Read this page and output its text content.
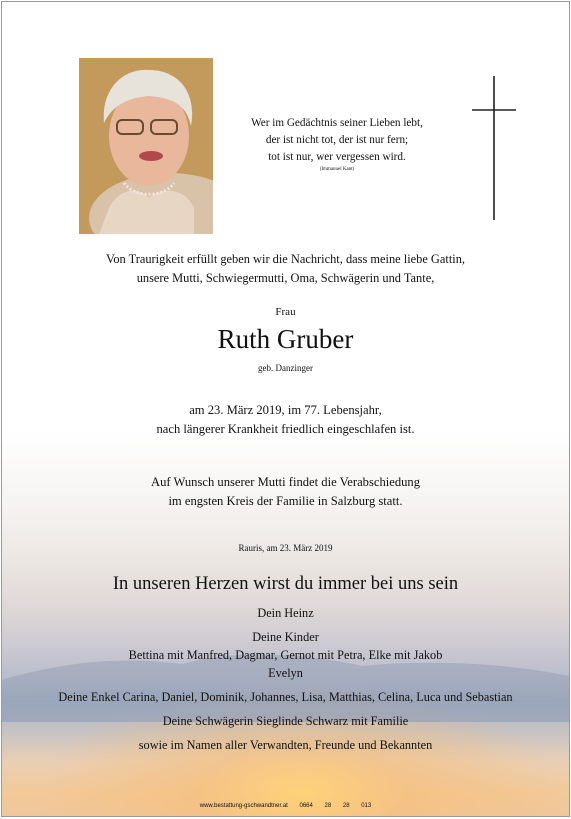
Wer im Gedächtnis seiner Lieben lebt,
der ist nicht tot, der ist nur fern;
tot ist nur, wer vergessen wird.
(Immanuel Kant)
Von Traurigkeit erfüllt geben wir die Nachricht, dass meine liebe Gattin,
unsere Mutti, Schwiegermutti, Oma, Schwägerin und Tante,
Frau
Ruth Gruber
geb. Danzinger
am 23. März 2019, im 77. Lebensjahr,
nach längerer Krankheit friedlich eingeschlafen ist.
Auf Wunsch unserer Mutti findet die Verabschiedung
im engsten Kreis der Familie in Salzburg statt.
Rauris, am 23. März 2019
In unseren Herzen wirst du immer bei uns sein
Dein Heinz
Deine Kinder
Bettina mit Manfred, Dagmar, Gernot mit Petra, Elke mit Jakob
Evelyn
Deine Enkel Carina, Daniel, Dominik, Johannes, Lisa, Matthias, Celina, Luca und Sebastian
Deine Schwägerin Sieglinde Schwarz mit Familie
sowie im Namen aller Verwandten, Freunde und Bekannten
www.bestattung-gschwandtner.at 0664 28 28 013
